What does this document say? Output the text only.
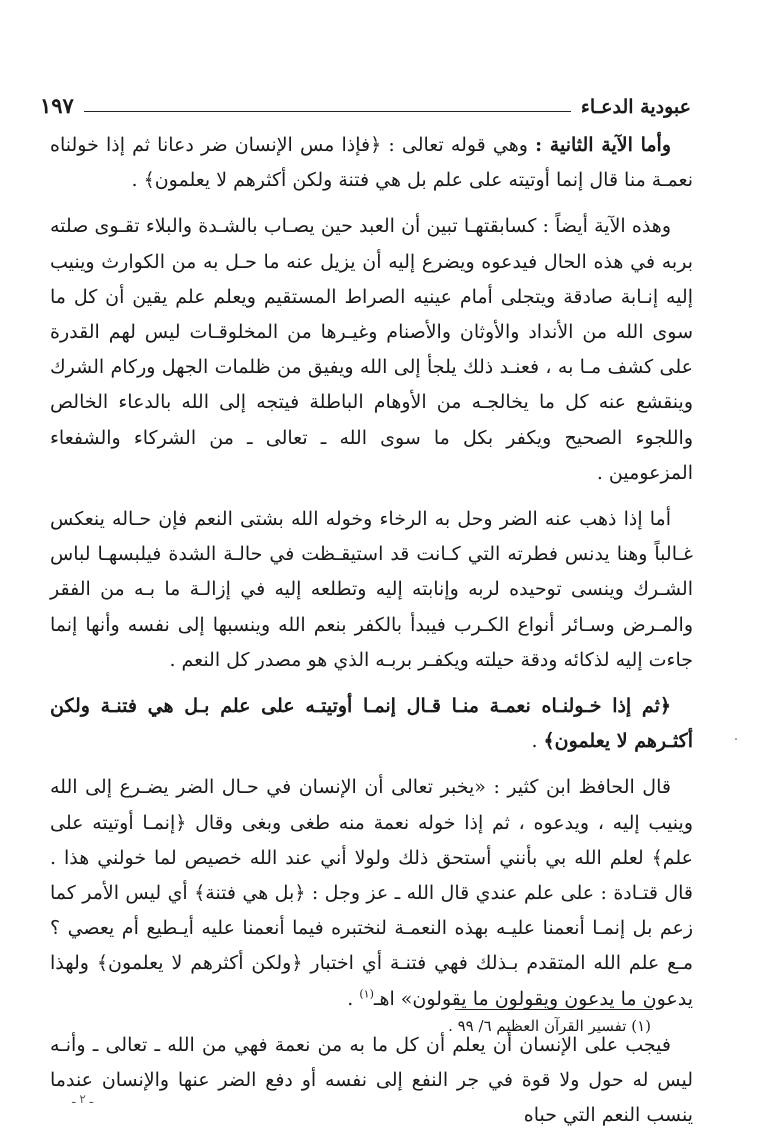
عبودية الدعـاء
١٩٧

وأما الآية الثانية : وهي قوله تعالى : ﴿فإذا مس الإنسان ضر دعانا ثم إذا خولناه نعمـة منا قال إنما أوتيته على علم بل هي فتنة ولكن أكثرهم لا يعلمون﴾ .

وهذه الآية أيضاً : كسابقتهـا تبين أن العبد حين يصـاب بالشـدة والبلاء تقـوى صلته بربه في هذه الحال فيدعوه ويضرع إليه أن يزيل عنه ما حـل به من الكوارث وينيب إليه إنـابة صادقة ويتجلى أمام عينيه الصراط المستقيم ويعلم علم يقين أن كل ما سوى الله من الأنداد والأوثان والأصنام وغيـرها من المخلوقـات ليس لهم القدرة على كشف مـا به ، فعنـد ذلك يلجأ إلى الله ويفيق من ظلمات الجهل وركام الشرك وينقشع عنه كل ما يخالجـه من الأوهام الباطلة فيتجه إلى الله بالدعاء الخالص واللجوء الصحيح ويكفر بكل ما سوى الله ـ تعالى ـ من الشركاء والشفعاء المزعومين .

أما إذا ذهب عنه الضر وحل به الرخاء وخوله الله بشتى النعم فإن حـاله ينعكس غـالباً وهنا يدنس فطرته التي كـانت قد استيقـظت في حالـة الشدة فيلبسهـا لباس الشـرك وينسى توحيده لربه وإنابته إليه وتطلعه إليه في إزالـة ما بـه من الفقر والمـرض وسـائر أنواع الكـرب فيبدأ بالكفر بنعم الله وينسبها إلى نفسه وأنها إنما جاءت إليه لذكائه ودقة حيلته ويكفـر بربـه الذي هو مصدر كل النعم .

﴿ثم إذا خـولنـاه نعمـة منـا قـال إنمـا أوتيتـه على علم بـل هي فتنـة ولكن أكثـرهم لا يعلمون﴾ .

قال الحافظ ابن كثير : «يخبر تعالى أن الإنسان في حـال الضر يضـرع إلى الله وينيب إليه ، ويدعوه ، ثم إذا خوله نعمة منه طغى وبغى وقال ﴿إنمـا أوتيته على علم﴾ لعلم الله بي بأنني أستحق ذلك ولولا أني عند الله خصيص لما خولني هذا . قال قتـادة : على علم عندي قال الله ـ عز وجل : ﴿بل هي فتنة﴾ أي ليس الأمر كما زعم بل إنمـا أنعمنا عليـه بهذه النعمـة لنختبره فيما أنعمنا عليه أيـطيع أم يعصي ؟ مـع علم الله المتقدم بـذلك فهي فتنـة أي اختبار ﴿ولكن أكثرهم لا يعلمون﴾ ولهذا يدعون ما يدعون ويقولون ما يقولون» اهـ$^{(١)}$ .

فيجب على الإنسان أن يعلم أن كل ما به من نعمة فهي من الله ـ تعالى ـ وأنـه ليس له حول ولا قوة في جر النفع إلى نفسه أو دفع الضر عنها والإنسان عندما ينسب النعم التي حباه

(١) تفسير القرآن العظيم ٦/ ٩٩ .
ـ ٢ ـ
